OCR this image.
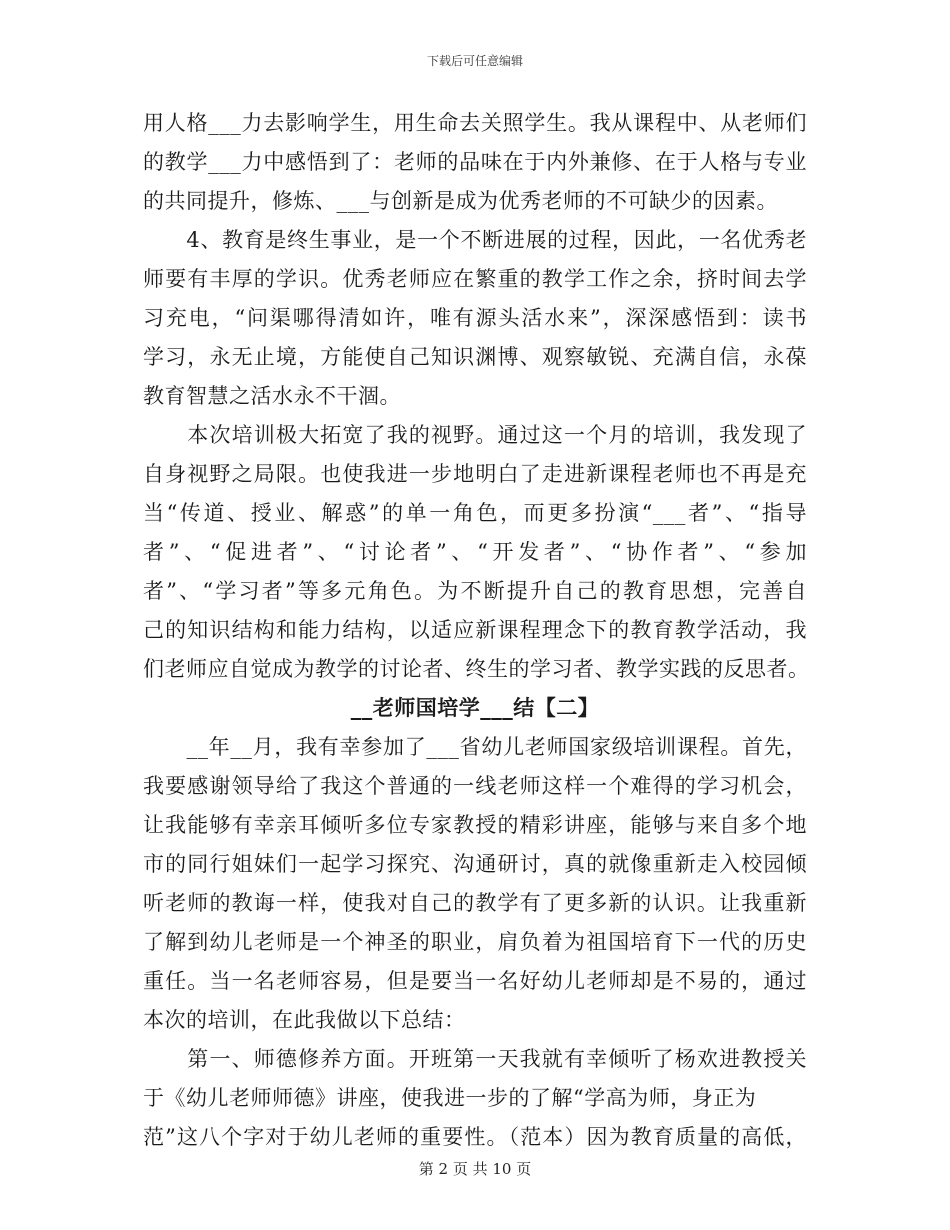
下载后可任意编辑
用人格___力去影响学生，用生命去关照学生。我从课程中、从老师们
的教学___力中感悟到了：老师的品味在于内外兼修、在于人格与专业
的共同提升，修炼、___与创新是成为优秀老师的不可缺少的因素。
　　4、教育是终生事业，是一个不断进展的过程，因此，一名优秀老
师要有丰厚的学识。优秀老师应在繁重的教学工作之余，挤时间去学
习充电，“问渠哪得清如许，唯有源头活水来”，深深感悟到：读书
学习，永无止境，方能使自己知识渊博、观察敏锐、充满自信，永葆
教育智慧之活水永不干涸。
　　本次培训极大拓宽了我的视野。通过这一个月的培训，我发现了
自身视野之局限。也使我进一步地明白了走进新课程老师也不再是充
当“传道、授业、解惑”的单一角色，而更多扮演“___者”、“指导
者”、“促进者”、“讨论者”、“开发者”、“协作者”、“参加
者”、“学习者”等多元角色。为不断提升自己的教育思想，完善自
己的知识结构和能力结构，以适应新课程理念下的教育教学活动，我
们老师应自觉成为教学的讨论者、终生的学习者、教学实践的反思者。
__老师国培学___结【二】
　　__年__月，我有幸参加了___省幼儿老师国家级培训课程。首先，
我要感谢领导给了我这个普通的一线老师这样一个难得的学习机会，
让我能够有幸亲耳倾听多位专家教授的精彩讲座，能够与来自多个地
市的同行姐妹们一起学习探究、沟通研讨，真的就像重新走入校园倾
听老师的教诲一样，使我对自己的教学有了更多新的认识。让我重新
了解到幼儿老师是一个神圣的职业，肩负着为祖国培育下一代的历史
重任。当一名老师容易，但是要当一名好幼儿老师却是不易的，通过
本次的培训，在此我做以下总结：
　　第一、师德修养方面。开班第一天我就有幸倾听了杨欢进教授关
于《幼儿老师师德》讲座，使我进一步的了解“学高为师，身正为
范”这八个字对于幼儿老师的重要性。（范本）因为教育质量的高低，
第 2 页 共 10 页
